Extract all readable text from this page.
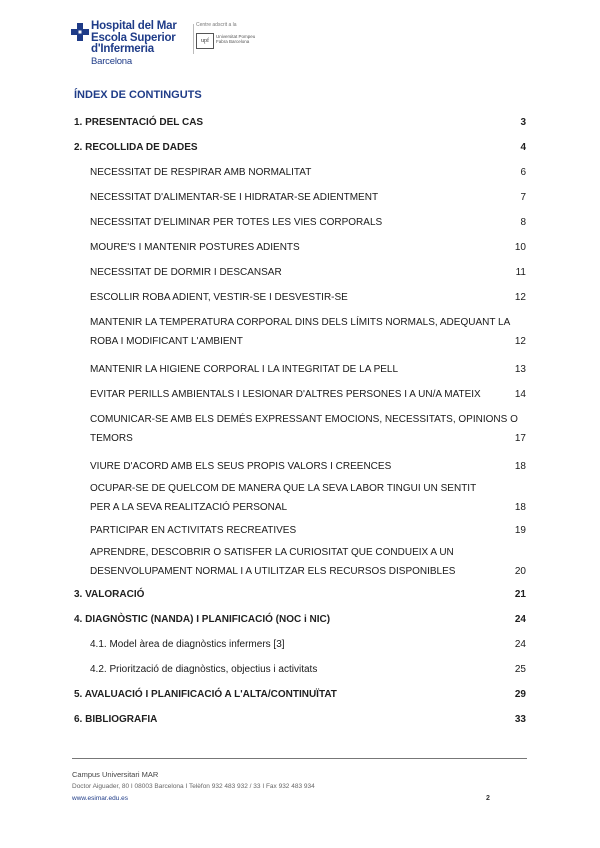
Hospital del Mar
Escola Superior
d'Infermeria
Barcelona
Centre adscrit a la
upf
Universitat Pompeu Fabra Barcelona
ÍNDEX DE CONTINGUTS
1. PRESENTACIÓ DEL CAS	3
2. RECOLLIDA DE DADES	4
NECESSITAT DE RESPIRAR AMB NORMALITAT	6
NECESSITAT D'ALIMENTAR-SE I HIDRATAR-SE ADIENTMENT	7
NECESSITAT D'ELIMINAR PER TOTES LES VIES CORPORALS	8
MOURE'S I MANTENIR POSTURES ADIENTS	10
NECESSITAT DE DORMIR I DESCANSAR	11
ESCOLLIR ROBA ADIENT, VESTIR-SE I DESVESTIR-SE	12
MANTENIR LA TEMPERATURA CORPORAL DINS DELS LÍMITS NORMALS, ADEQUANT LA
ROBA I MODIFICANT L'AMBIENT	12
MANTENIR LA HIGIENE CORPORAL I LA INTEGRITAT DE LA PELL	13
EVITAR PERILLS AMBIENTALS I LESIONAR D'ALTRES PERSONES I A UN/A MATEIX	14
COMUNICAR-SE AMB ELS DEMÉS EXPRESSANT EMOCIONS, NECESSITATS, OPINIONS O
TEMORS	17
VIURE D'ACORD AMB ELS SEUS PROPIS VALORS I CREENCES	18
OCUPAR-SE DE QUELCOM DE MANERA QUE LA SEVA LABOR TINGUI UN SENTIT
PER A LA SEVA REALITZACIÓ PERSONAL	18
PARTICIPAR EN ACTIVITATS RECREATIVES	19
APRENDRE, DESCOBRIR O SATISFER LA CURIOSITAT QUE CONDUEIX A UN
DESENVOLUPAMENT NORMAL I A UTILITZAR ELS RECURSOS DISPONIBLES	20
3. VALORACIÓ	21
4. DIAGNÒSTIC (NANDA) I PLANIFICACIÓ (NOC i NIC)	24
4.1. Model àrea de diagnòstics infermers [3]	24
4.2. Priorització de diagnòstics, objectius i activitats	25
5. AVALUACIÓ I PLANIFICACIÓ A L'ALTA/CONTINUÏTAT	29
6. BIBLIOGRAFIA	33
Campus Universitari MAR
Doctor Aiguader, 80 I 08003 Barcelona I Telèfon 932 483 932 / 33 I Fax 932 483 934
www.esimar.edu.es	2
